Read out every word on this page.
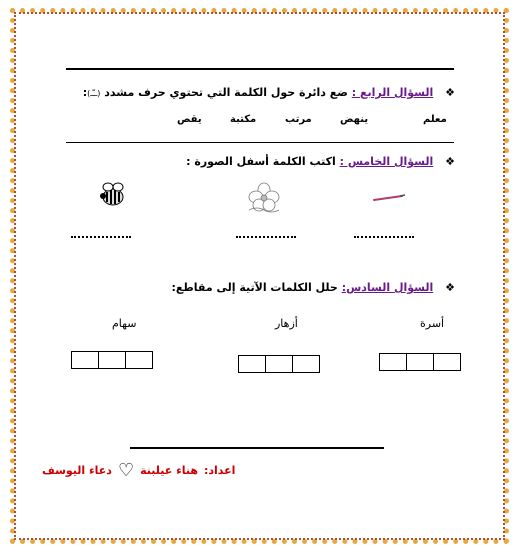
❖ السؤال الرابع : ضع دائرة حول الكلمة التي تحتوي حرف مشدد (ــّـ):
معلم
ينهض
مرتب
مكتبة
يقص
❖ السؤال الخامس : اكتب الكلمة أسفل الصورة :
❖ السؤال السادس: حلل الكلمات الآتية إلى مقاطع:
أسرة
أزهار
سهام
اعداد:
هناء عيلبنة
♡
دعاء اليوسف
